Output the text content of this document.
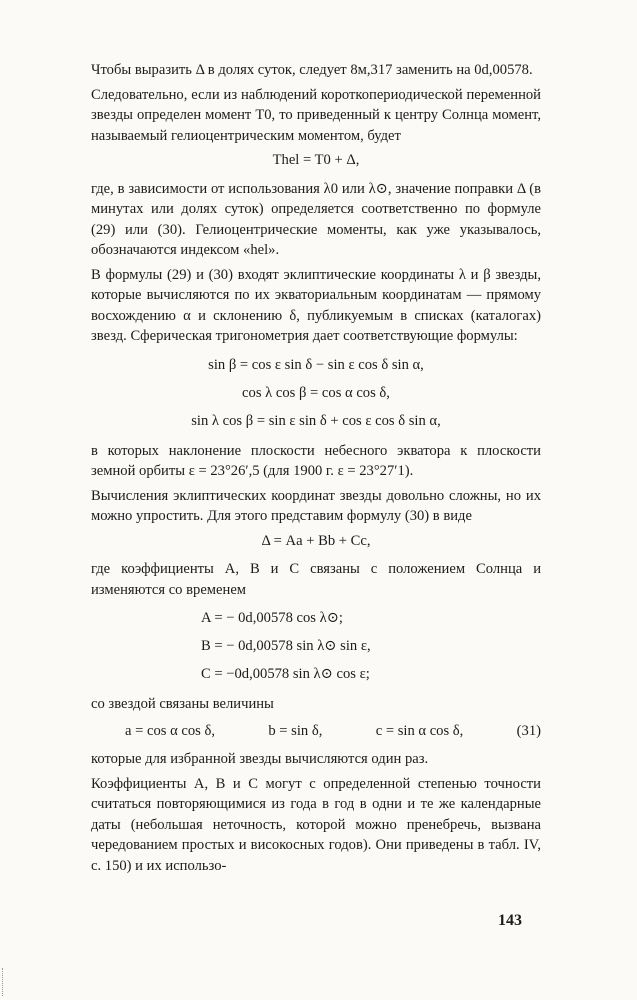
Чтобы выразить Δ в долях суток, следует 8м,317 заменить на 0d,00578.

Следовательно, если из наблюдений короткопериодической переменной звезды определен момент T0, то приведенный к центру Солнца момент, называемый гелиоцентрическим моментом, будет

Thel = T0 + Δ,

где, в зависимости от использования λ0 или λ⊙, значение поправки Δ (в минутах или долях суток) определяется соответственно по формуле (29) или (30). Гелиоцентрические моменты, как уже указывалось, обозначаются индексом «hel».

В формулы (29) и (30) входят эклиптические координаты λ и β звезды, которые вычисляются по их экваториальным координатам — прямому восхождению α и склонению δ, публикуемым в списках (каталогах) звезд. Сферическая тригонометрия дает соответствующие формулы:

sin β = cos ε sin δ − sin ε cos δ sin α,
cos λ cos β = cos α cos δ,
sin λ cos β = sin ε sin δ + cos ε cos δ sin α,

в которых наклонение плоскости небесного экватора к плоскости земной орбиты ε = 23°26′,5 (для 1900 г. ε = 23°27′1).

Вычисления эклиптических координат звезды довольно сложны, но их можно упростить. Для этого представим формулу (30) в виде

Δ = Aa + Bb + Cc,

где коэффициенты A, B и C связаны с положением Солнца и изменяются со временем

A = − 0d,00578 cos λ⊙;
B = − 0d,00578 sin λ⊙ sin ε,
C = −0d,00578 sin λ⊙ cos ε;

со звездой связаны величины

a = cos α cos δ,	b = sin δ,	c = sin α cos δ,	(31)

которые для избранной звезды вычисляются один раз.

Коэффициенты A, B и C могут с определенной степенью точности считаться повторяющимися из года в год в одни и те же календарные даты (небольшая неточность, которой можно пренебречь, вызвана чередованием простых и високосных годов). Они приведены в табл. IV, с. 150) и их использо-

143
